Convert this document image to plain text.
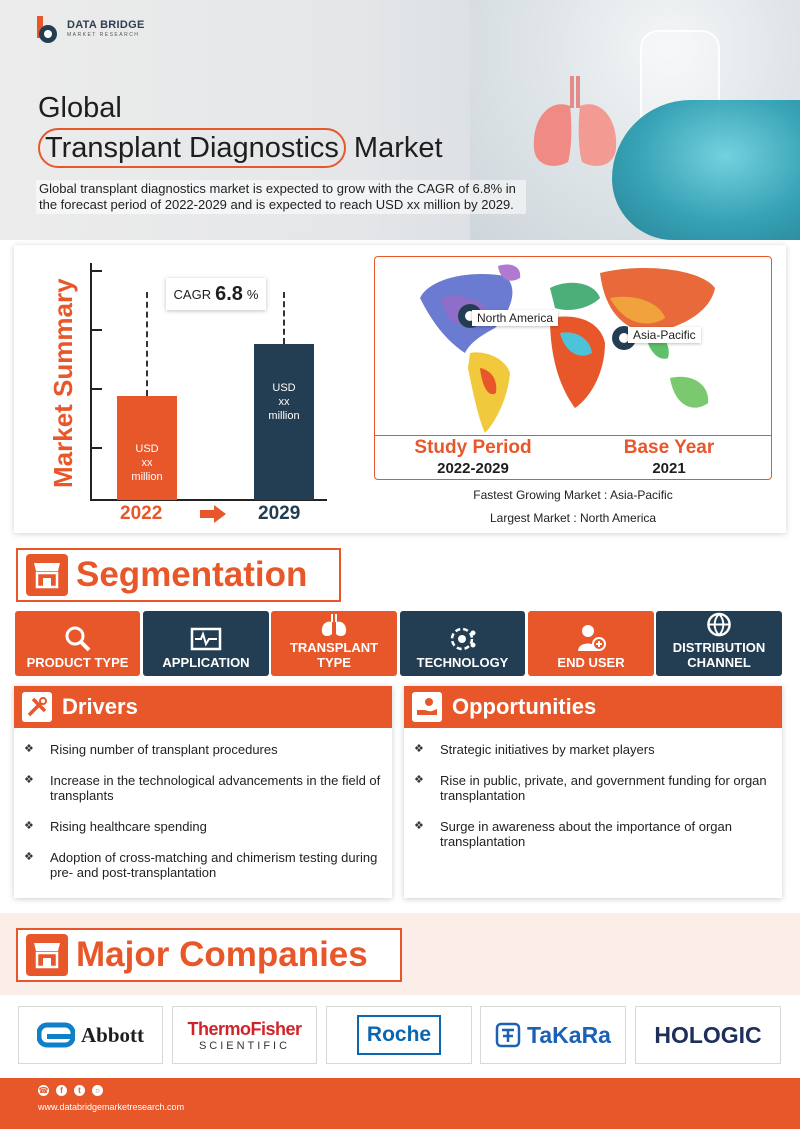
DATA BRIDGE
MARKET RESEARCH
Global
Transplant Diagnostics Market
Global transplant diagnostics market is expected to grow with the CAGR of 6.8% in the forecast period of 2022-2029 and is expected to reach USD xx million by 2029.
Market Summary	CAGR 6.8 %
USD
xx
million
USD
xx
million
2022	2029
North America
Asia-Pacific
Study Period
2022-2029
Base Year
2021
Fastest Growing Market : Asia-Pacific
Largest Market : North America
Segmentation
PRODUCT TYPE	APPLICATION
TRANSPLANT
TYPE	TECHNOLOGY	END USER
DISTRIBUTION
CHANNEL
Drivers
❖ Rising number of transplant procedures
❖ Increase in the technological advancements in the field of transplants
❖ Rising healthcare spending
❖ Adoption of cross-matching and chimerism testing during pre- and post-transplantation
Opportunities
❖ Strategic initiatives by market players
❖ Rise in public, private, and government funding for organ transplantation
❖ Surge in awareness about the importance of organ transplantation
Major Companies
Abbott ThermoFisher
SCIENTIFIC	Roche	TaKaRa HOLOGIC
☎	f	t	○
www.databridgemarketresearch.com
